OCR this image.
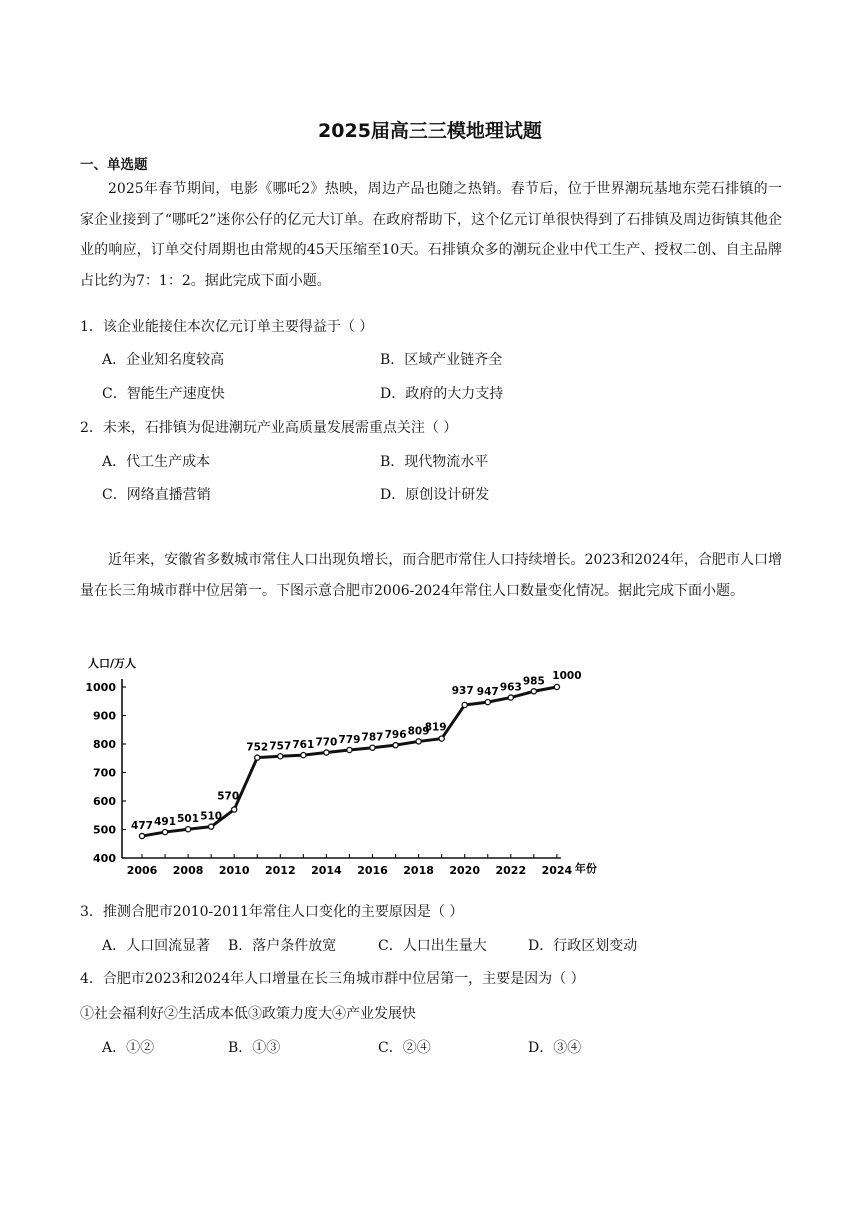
2025届高三三模地理试题
一、单选题

2025年春节期间，电影《哪吒2》热映，周边产品也随之热销。春节后，位于世界潮玩基地东莞石排镇的一家企业接到了“哪吒2”迷你公仔的亿元大订单。在政府帮助下，这个亿元订单很快得到了石排镇及周边街镇其他企业的响应，订单交付周期也由常规的45天压缩至10天。石排镇众多的潮玩企业中代工生产、授权二创、自主品牌占比约为7：1：2。据此完成下面小题。

1．该企业能接住本次亿元订单主要得益于（ ）
A．企业知名度较高	B．区域产业链齐全
C．智能生产速度快	D．政府的大力支持
2．未来，石排镇为促进潮玩产业高质量发展需重点关注（ ）
A．代工生产成本	B．现代物流水平
C．网络直播营销	D．原创设计研发

近年来，安徽省多数城市常住人口出现负增长，而合肥市常住人口持续增长。2023和2024年，合肥市人口增量在长三角城市群中位居第一。下图示意合肥市2006-2024年常住人口数量变化情况。据此完成下面小题。

1000
900
800
700
600
500
400
人口/万人
2006 2008 2010 2012 2014 2016 2018 2020 2022 2024 年份
477 491 501 510
570
752 757 761 770 779 787 796 809
819
937 947 963
985 1000
3．推测合肥市2010-2011年常住人口变化的主要原因是（ ）
A．人口回流显著 B．落户条件放宽	C．人口出生量大	D．行政区划变动
4．合肥市2023和2024年人口增量在长三角城市群中位居第一，主要是因为（ ）
①社会福利好②生活成本低③政策力度大④产业发展快
A．①②	B．①③	C．②④	D．③④
